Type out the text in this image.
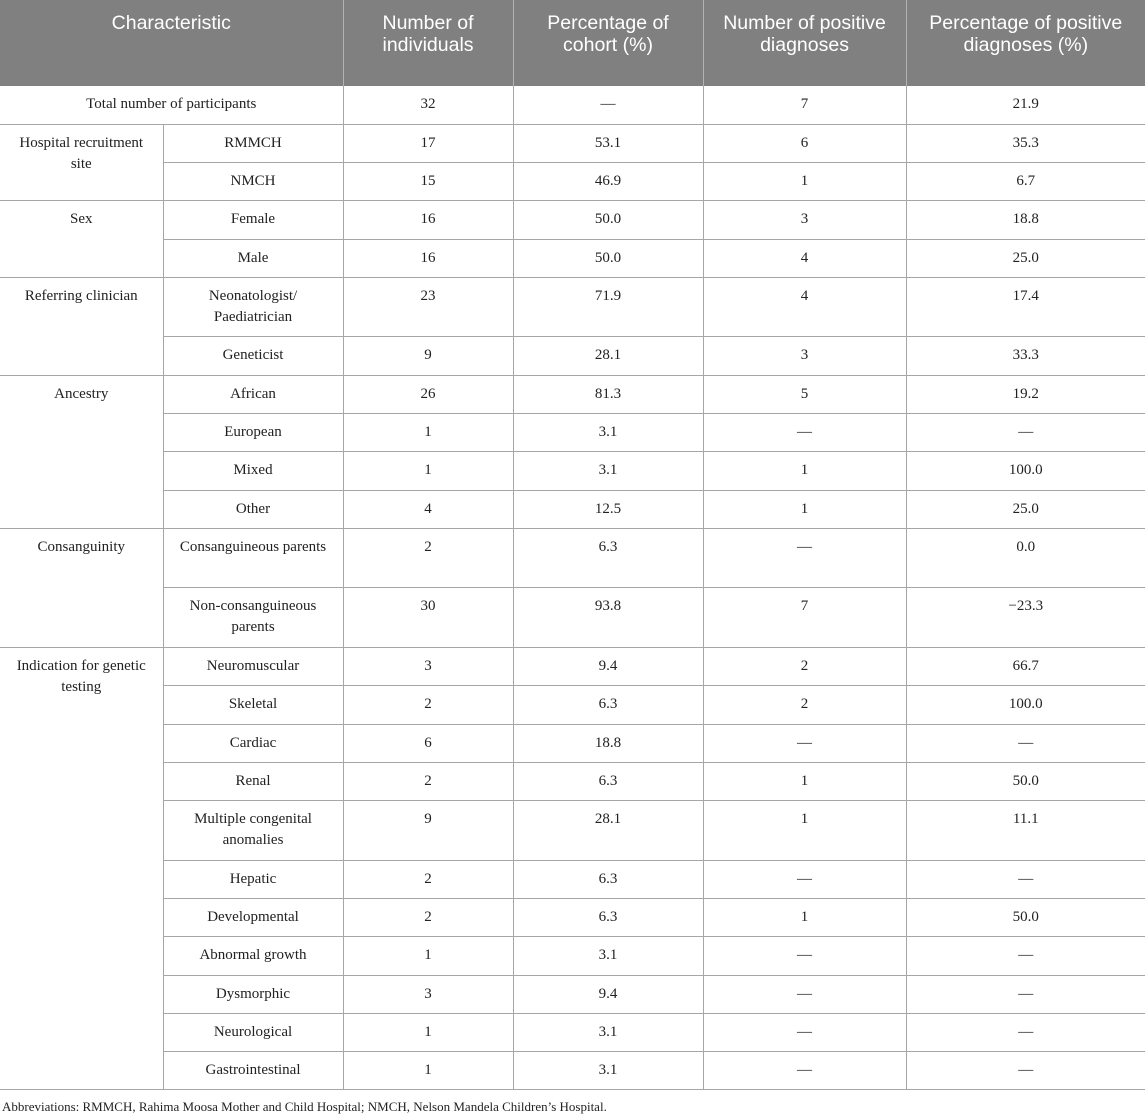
Characteristic		Number of individuals	Percentage of cohort (%)	Number of positive diagnoses	Percentage of positive diagnoses (%)
Total number of participants		32	—	7	21.9
Hospital recruitment site	RMMCH	17	53.1	6	35.3
	NMCH	15	46.9	1	6.7
Sex	Female	16	50.0	3	18.8
	Male	16	50.0	4	25.0
Referring clinician	Neonatologist/ Paediatrician	23	71.9	4	17.4
	Geneticist	9	28.1	3	33.3
Ancestry	African	26	81.3	5	19.2
	European	1	3.1	—	—
	Mixed	1	3.1	1	100.0
	Other	4	12.5	1	25.0
Consanguinity	Consanguineous parents	2	6.3	—	0.0
	Non-consanguineous parents	30	93.8	7	−23.3
Indication for genetic testing	Neuromuscular	3	9.4	2	66.7
	Skeletal	2	6.3	2	100.0
	Cardiac	6	18.8	—	—
	Renal	2	6.3	1	50.0
	Multiple congenital anomalies	9	28.1	1	11.1
	Hepatic	2	6.3	—	—
	Developmental	2	6.3	1	50.0
	Abnormal growth	1	3.1	—	—
	Dysmorphic	3	9.4	—	—
	Neurological	1	3.1	—	—
	Gastrointestinal	1	3.1	—	—
Abbreviations: RMMCH, Rahima Moosa Mother and Child Hospital; NMCH, Nelson Mandela Children’s Hospital.
